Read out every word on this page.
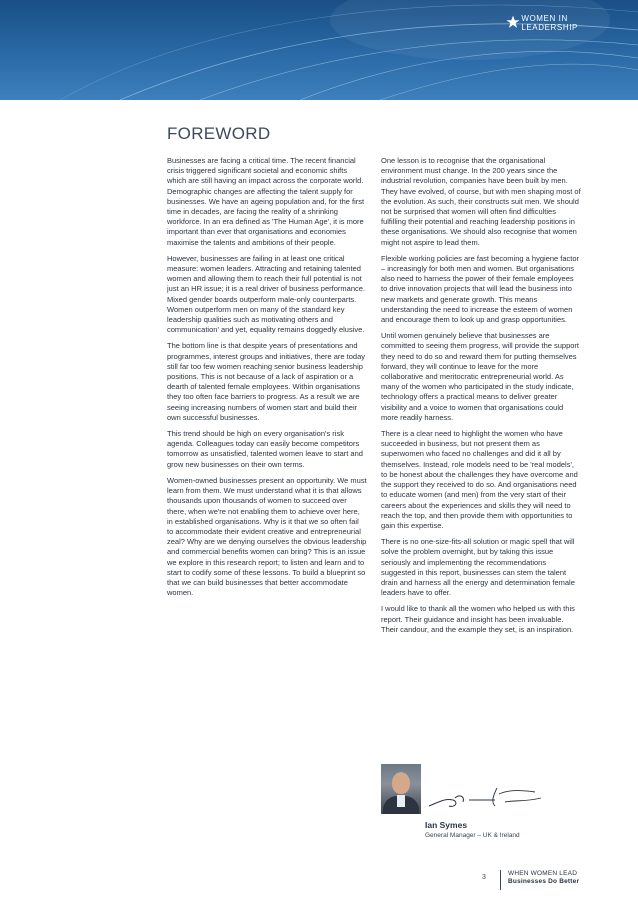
WOMEN IN
LEADERSHIP
FOREWORD

Businesses are facing a critical time. The recent financial crisis triggered significant societal and economic shifts which are still having an impact across the corporate world. Demographic changes are affecting the talent supply for businesses. We have an ageing population and, for the first time in decades, are facing the reality of a shrinking workforce. In an era defined as 'The Human Age', it is more important than ever that organisations and economies maximise the talents and ambitions of their people.

However, businesses are failing in at least one critical measure: women leaders. Attracting and retaining talented women and allowing them to reach their full potential is not just an HR issue; it is a real driver of business performance. Mixed gender boards outperform male-only counterparts. Women outperform men on many of the standard key leadership qualities such as motivating others and communication' and yet, equality remains doggedly elusive.

The bottom line is that despite years of presentations and programmes, interest groups and initiatives, there are today still far too few women reaching senior business leadership positions. This is not because of a lack of aspiration or a dearth of talented female employees. Within organisations they too often face barriers to progress. As a result we are seeing increasing numbers of women start and build their own successful businesses.

This trend should be high on every organisation's risk agenda. Colleagues today can easily become competitors tomorrow as unsatisfied, talented women leave to start and grow new businesses on their own terms.

Women-owned businesses present an opportunity. We must learn from them. We must understand what it is that allows thousands upon thousands of women to succeed over there, when we're not enabling them to achieve over here, in established organisations. Why is it that we so often fail to accommodate their evident creative and entrepreneurial zeal? Why are we denying ourselves the obvious leadership and commercial benefits women can bring? This is an issue we explore in this research report; to listen and learn and to start to codify some of these lessons. To build a blueprint so that we can build businesses that better accommodate women.

One lesson is to recognise that the organisational environment must change. In the 200 years since the industrial revolution, companies have been built by men. They have evolved, of course, but with men shaping most of the evolution. As such, their constructs suit men. We should not be surprised that women will often find difficulties fulfilling their potential and reaching leadership positions in these organisations. We should also recognise that women might not aspire to lead them.

Flexible working policies are fast becoming a hygiene factor – increasingly for both men and women. But organisations also need to harness the power of their female employees to drive innovation projects that will lead the business into new markets and generate growth. This means understanding the need to increase the esteem of women and encourage them to look up and grasp opportunities.

Until women genuinely believe that businesses are committed to seeing them progress, will provide the support they need to do so and reward them for putting themselves forward, they will continue to leave for the more collaborative and meritocratic entrepreneurial world. As many of the women who participated in the study indicate, technology offers a practical means to deliver greater visibility and a voice to women that organisations could more readily harness.

There is a clear need to highlight the women who have succeeded in business, but not present them as superwomen who faced no challenges and did it all by themselves. Instead, role models need to be 'real models', to be honest about the challenges they have overcome and the support they received to do so. And organisations need to educate women (and men) from the very start of their careers about the experiences and skills they will need to reach the top, and then provide them with opportunities to gain this expertise.

There is no one-size-fits-all solution or magic spell that will solve the problem overnight, but by taking this issue seriously and implementing the recommendations suggested in this report, businesses can stem the talent drain and harness all the energy and determination female leaders have to offer.

I would like to thank all the women who helped us with this report. Their guidance and insight has been invaluable. Their candour, and the example they set, is an inspiration.

Ian Symes
General Manager – UK & Ireland
3
WHEN WOMEN LEAD
Businesses Do Better
